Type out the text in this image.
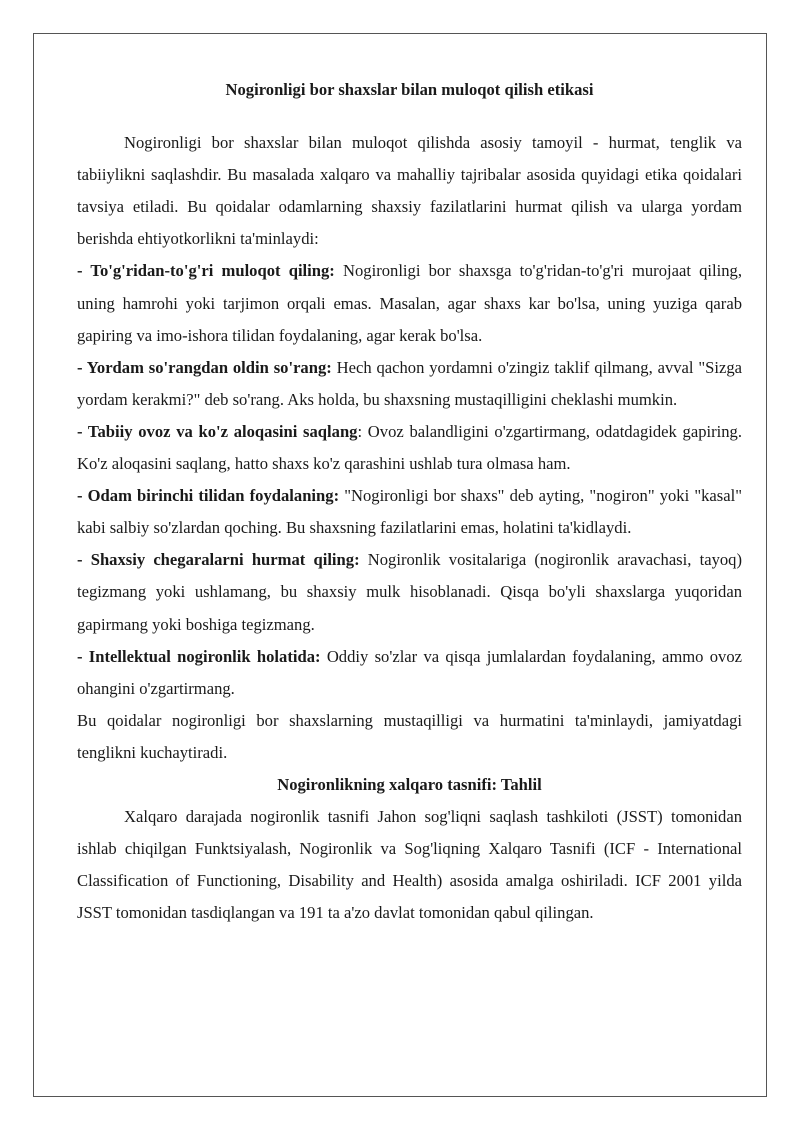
Nogironligi bor shaxslar bilan muloqot qilish etikasi

Nogironligi bor shaxslar bilan muloqot qilishda asosiy tamoyil - hurmat, tenglik va tabiiylikni saqlashdir. Bu masalada xalqaro va mahalliy tajribalar asosida quyidagi etika qoidalari tavsiya etiladi. Bu qoidalar odamlarning shaxsiy fazilatlarini hurmat qilish va ularga yordam berishda ehtiyotkorlikni ta'minlaydi:

- To'g'ridan-to'g'ri muloqot qiling: Nogironligi bor shaxsga to'g'ridan-to'g'ri murojaat qiling, uning hamrohi yoki tarjimon orqali emas. Masalan, agar shaxs kar bo'lsa, uning yuziga qarab gapiring va imo-ishora tilidan foydalaning, agar kerak bo'lsa.

- Yordam so'rangdan oldin so'rang: Hech qachon yordamni o'zingiz taklif qilmang, avval "Sizga yordam kerakmi?" deb so'rang. Aks holda, bu shaxsning mustaqilligini cheklashi mumkin.

- Tabiiy ovoz va ko'z aloqasini saqlang: Ovoz balandligini o'zgartirmang, odatdagidek gapiring. Ko'z aloqasini saqlang, hatto shaxs ko'z qarashini ushlab tura olmasa ham.

- Odam birinchi tilidan foydalaning: "Nogironligi bor shaxs" deb ayting, "nogiron" yoki "kasal" kabi salbiy so'zlardan qoching. Bu shaxsning fazilatlarini emas, holatini ta'kidlaydi.

- Shaxsiy chegaralarni hurmat qiling: Nogironlik vositalariga (nogironlik aravachasi, tayoq) tegizmang yoki ushlamang, bu shaxsiy mulk hisoblanadi. Qisqa bo'yli shaxslarga yuqoridan gapirmang yoki boshiga tegizmang.

- Intellektual nogironlik holatida: Oddiy so'zlar va qisqa jumlalardan foydalaning, ammo ovoz ohangini o'zgartirmang.

Bu qoidalar nogironligi bor shaxslarning mustaqilligi va hurmatini ta'minlaydi, jamiyatdagi tenglikni kuchaytiradi.

Nogironlikning xalqaro tasnifi: Tahlil

Xalqaro darajada nogironlik tasnifi Jahon sog'liqni saqlash tashkiloti (JSST) tomonidan ishlab chiqilgan Funktsiyalash, Nogironlik va Sog'liqning Xalqaro Tasnifi (ICF - International Classification of Functioning, Disability and Health) asosida amalga oshiriladi. ICF 2001 yilda JSST tomonidan tasdiqlangan va 191 ta a'zo davlat tomonidan qabul qilingan.
